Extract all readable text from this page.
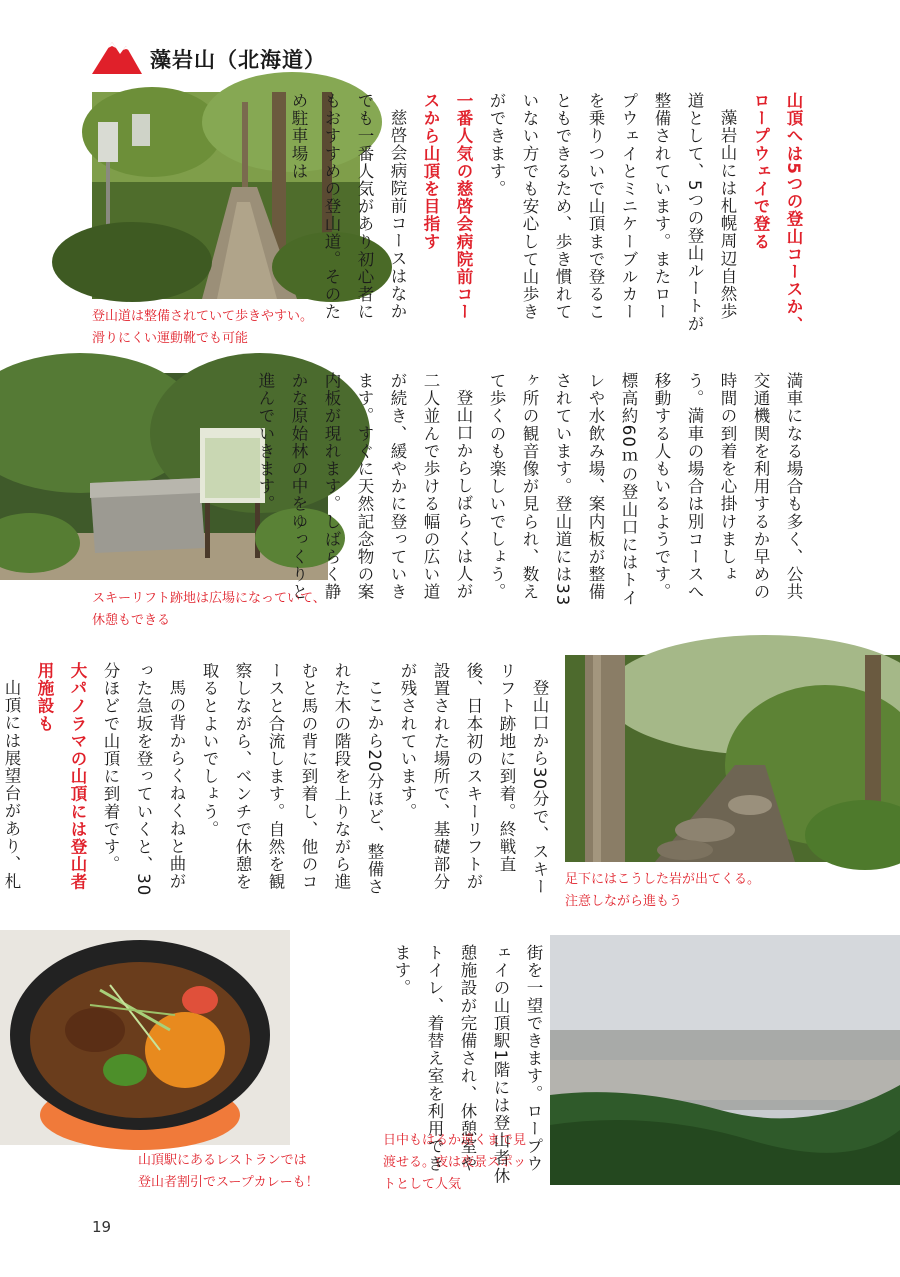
藻岩山（北海道）
登山道は整備されていて歩きやすい。
滑りにくい運動靴でも可能
スキーリフト跡地は広場になっていて、
休憩もできる
足下にはこうした岩が出てくる。
注意しながら進もう
山頂駅にあるレストランでは
登山者割引でスープカレーも！
日中もはるか遠くまで見
渡せる。夜は夜景スポッ
トとして人気
山頂へは5つの登山コースか、ロープウェイで登る

藻岩山には札幌周辺自然歩道として、5つの登山ルートが整備されています。またロープウェイとミニケーブルカーを乗りついで山頂まで登ることもできるため、歩き慣れていない方でも安心して山歩きができます。

一番人気の慈啓会病院前コースから山頂を目指す

慈啓会病院前コースはなかでも一番人気があり初心者にもおすすめの登山道。そのため駐車場は

満車になる場合も多く、公共交通機関を利用するか早めの時間の到着を心掛けましょう。満車の場合は別コースへ移動する人もいるようです。標高約60ｍの登山口にはトイレや水飲み場、案内板が整備されています。登山道には33ヶ所の観音像が見られ、数えて歩くのも楽しいでしょう。

登山口からしばらくは人が二人並んで歩ける幅の広い道が続き、緩やかに登っていきます。すぐに天然記念物の案内板が現れます。しばらく静かな原始林の中をゆっくりと進んでいきます。

登山口から30分で、スキーリフト跡地に到着。終戦直後、日本初のスキーリフトが設置された場所で、基礎部分が残されています。

ここから20分ほど、整備された木の階段を上りながら進むと馬の背に到着し、他のコースと合流します。自然を観察しながら、ベンチで休憩を取るとよいでしょう。

馬の背からくねくねと曲がった急坂を登っていくと、30分ほどで山頂に到着です。

大パノラマの山頂には登山者用施設も

山頂には展望台があり、札

街を一望できます。ロープウェイの山頂駅1階には登山者休憩施設が完備され、休憩室やトイレ、着替え室を利用できます。

19
